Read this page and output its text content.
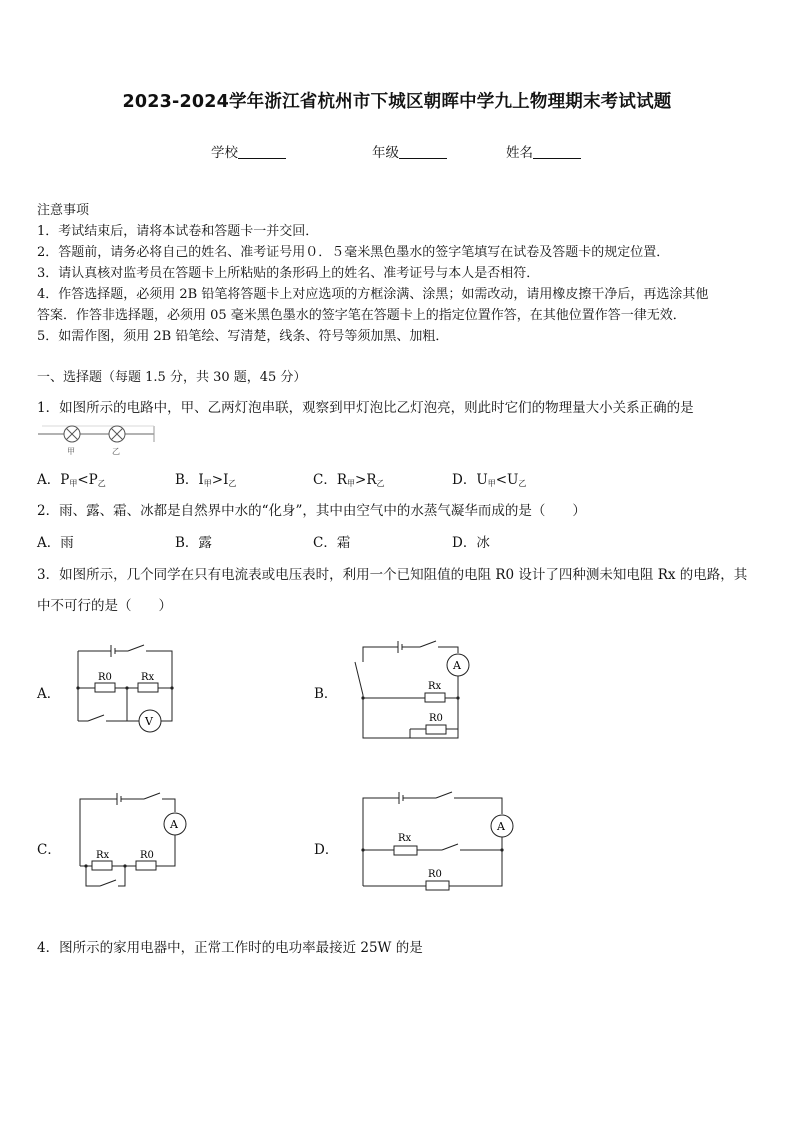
2023-2024学年浙江省杭州市下城区朝晖中学九上物理期末考试试题
学校	年级	姓名
注意事项
1．考试结束后，请将本试卷和答题卡一并交回．
2．答题前，请务必将自己的姓名、准考证号用０．５毫米黑色墨水的签字笔填写在试卷及答题卡的规定位置．
3．请认真核对监考员在答题卡上所粘贴的条形码上的姓名、准考证号与本人是否相符．
4．作答选择题，必须用 2B 铅笔将答题卡上对应选项的方框涂满、涂黑；如需改动，请用橡皮擦干净后，再选涂其他
答案．作答非选择题，必须用 05 毫米黑色墨水的签字笔在答题卡上的指定位置作答，在其他位置作答一律无效．
5．如需作图，须用 2B 铅笔绘、写清楚，线条、符号等须加黑、加粗．
一、选择题（每题 1.5 分，共 30 题，45 分）
1．如图所示的电路中，甲、乙两灯泡串联，观察到甲灯泡比乙灯泡亮，则此时它们的物理量大小关系正确的是
甲	乙
A．$P_甲<P_乙$	B．$I_甲>I_乙$	C．$R_甲>R_乙$	D．$U_甲<U_乙$
2．雨、露、霜、冰都是自然界中水的“化身”，其中由空气中的水蒸气凝华而成的是（　　）
A．雨	B．露	C．霜	D．冰
3．如图所示，几个同学在只有电流表或电压表时，利用一个已知阻值的电阻 R0 设计了四种测未知电阻 Rx 的电路，其
中不可行的是（　　）
A．	B．
C．	D．
R0	Rx
V
Rx
R0
A
Rx	R0
A
Rx
R0
A
4．图所示的家用电器中，正常工作时的电功率最接近 25W 的是
